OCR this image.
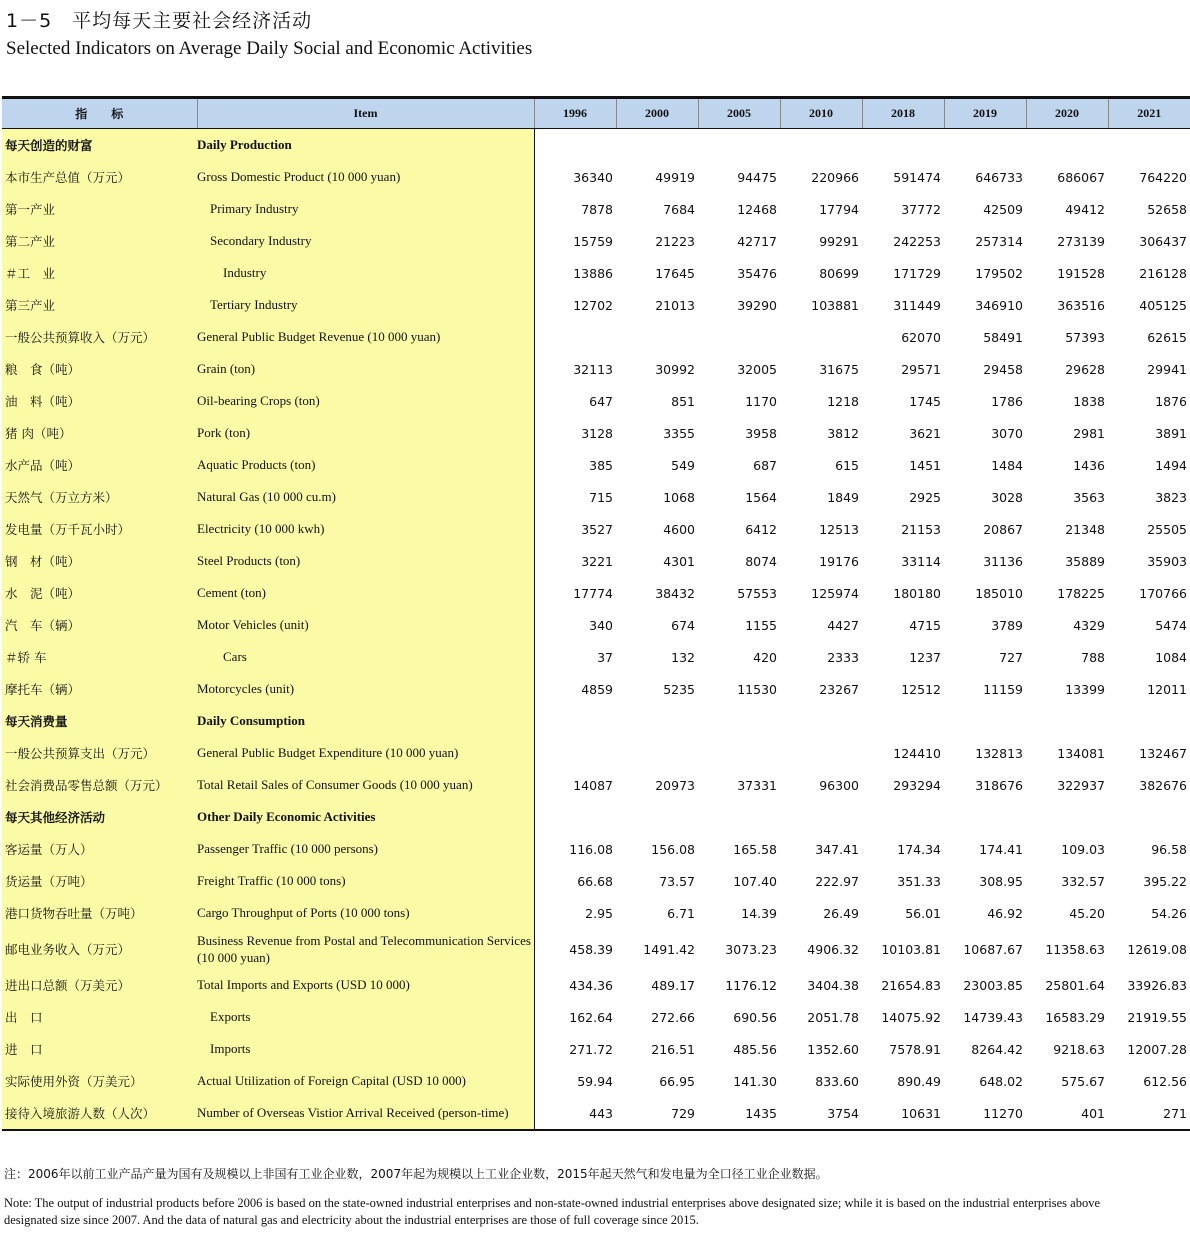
1－5　平均每天主要社会经济活动
Selected Indicators on Average Daily Social and Economic Activities
指　　标	Item	1996	2000	2005	2010	2018	2019	2020	2021
每天创造的财富	Daily Production								
本市生产总值（万元）	Gross Domestic Product (10 000 yuan)	36340	49919	94475	220966	591474	646733	686067	764220
第一产业	Primary Industry	7878	7684	12468	17794	37772	42509	49412	52658
第二产业	Secondary Industry	15759	21223	42717	99291	242253	257314	273139	306437
＃工　业	Industry	13886	17645	35476	80699	171729	179502	191528	216128
第三产业	Tertiary Industry	12702	21013	39290	103881	311449	346910	363516	405125
一般公共预算收入（万元）	General Public Budget Revenue (10 000 yuan)					62070	58491	57393	62615
粮　食（吨）	Grain (ton)	32113	30992	32005	31675	29571	29458	29628	29941
油　料（吨）	Oil-bearing Crops (ton)	647	851	1170	1218	1745	1786	1838	1876
猪 肉（吨）	Pork (ton)	3128	3355	3958	3812	3621	3070	2981	3891
水产品（吨）	Aquatic Products (ton)	385	549	687	615	1451	1484	1436	1494
天然气（万立方米）	Natural Gas (10 000 cu.m)	715	1068	1564	1849	2925	3028	3563	3823
发电量（万千瓦小时）	Electricity (10 000 kwh)	3527	4600	6412	12513	21153	20867	21348	25505
钢　材（吨）	Steel Products (ton)	3221	4301	8074	19176	33114	31136	35889	35903
水　泥（吨）	Cement (ton)	17774	38432	57553	125974	180180	185010	178225	170766
汽　车（辆）	Motor Vehicles (unit)	340	674	1155	4427	4715	3789	4329	5474
＃轿 车	Cars	37	132	420	2333	1237	727	788	1084
摩托车（辆）	Motorcycles (unit)	4859	5235	11530	23267	12512	11159	13399	12011
每天消费量	Daily Consumption								
一般公共预算支出（万元）	General Public Budget Expenditure (10 000 yuan)					124410	132813	134081	132467
社会消费品零售总额（万元）	Total Retail Sales of Consumer Goods (10 000 yuan)	14087	20973	37331	96300	293294	318676	322937	382676
每天其他经济活动	Other Daily Economic Activities								
客运量（万人）	Passenger Traffic (10 000 persons)	116.08	156.08	165.58	347.41	174.34	174.41	109.03	96.58
货运量（万吨）	Freight Traffic (10 000 tons)	66.68	73.57	107.40	222.97	351.33	308.95	332.57	395.22
港口货物吞吐量（万吨）	Cargo Throughput of Ports (10 000 tons)	2.95	6.71	14.39	26.49	56.01	46.92	45.20	54.26
邮电业务收入（万元）	Business Revenue from Postal and Telecommunication Services (10 000 yuan)	458.39	1491.42	3073.23	4906.32	10103.81	10687.67	11358.63	12619.08
进出口总额（万美元）	Total Imports and Exports (USD 10 000)	434.36	489.17	1176.12	3404.38	21654.83	23003.85	25801.64	33926.83
出　口	Exports	162.64	272.66	690.56	2051.78	14075.92	14739.43	16583.29	21919.55
进　口	Imports	271.72	216.51	485.56	1352.60	7578.91	8264.42	9218.63	12007.28
实际使用外资（万美元）	Actual Utilization of Foreign Capital (USD 10 000)	59.94	66.95	141.30	833.60	890.49	648.02	575.67	612.56
接待入境旅游人数（人次）	Number of Overseas Vistior Arrival Received (person-time)	443	729	1435	3754	10631	11270	401	271
注：2006年以前工业产品产量为国有及规模以上非国有工业企业数，2007年起为规模以上工业企业数，2015年起天然气和发电量为全口径工业企业数据。
Note: The output of industrial products before 2006 is based on the state-owned industrial enterprises and non-state-owned industrial enterprises above designated size; while it is based on the industrial enterprises above designated size since 2007. And the data of natural gas and electricity about the industrial enterprises are those of full coverage since 2015.
